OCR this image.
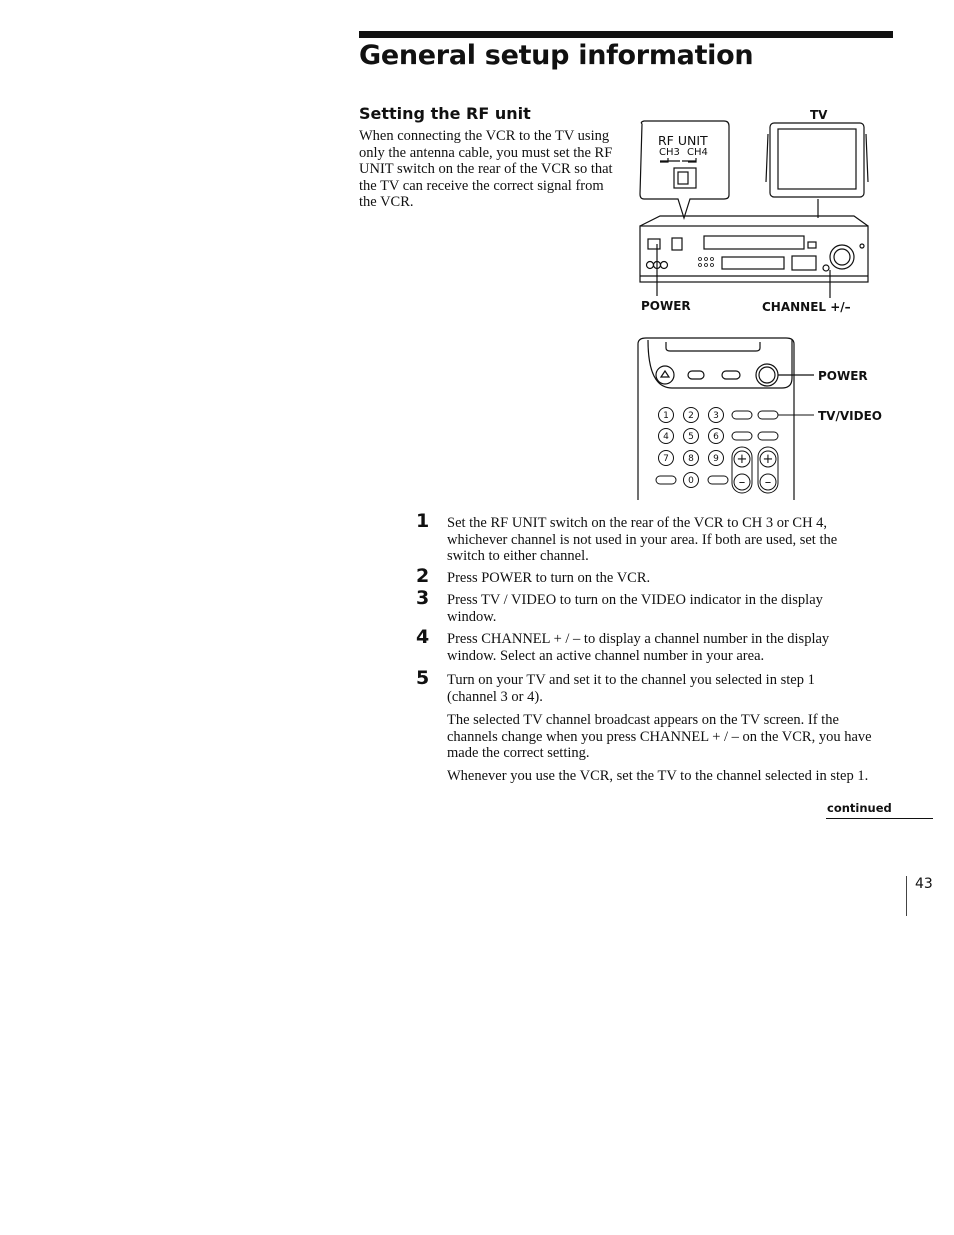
General setup information
Setting the RF unit

When connecting the VCR to the TV using only the antenna cable, you must set the RF UNIT switch on the rear of the VCR so that the TV can receive the correct signal from the VCR.

TV
RF UNIT
CH3 CH4
POWER	CHANNEL +/–
1 2 3
4 5 6
7 8 9
0
+
–
+
–
POWER
TV/VIDEO
1	Set the RF UNIT switch on the rear of the VCR to CH 3 or CH 4, whichever channel is not used in your area. If both are used, set the switch to either channel.
2	Press POWER to turn on the VCR.
3	Press TV / VIDEO to turn on the VIDEO indicator in the display window.
4	Press CHANNEL + / – to display a channel number in the display window. Select an active channel number in your area.
5	Turn on your TV and set it to the channel you selected in step 1 (channel 3 or 4).

The selected TV channel broadcast appears on the TV screen. If the channels change when you press CHANNEL + / – on the VCR, you have made the correct setting.

Whenever you use the VCR, set the TV to the channel selected in step 1.

continued
43
